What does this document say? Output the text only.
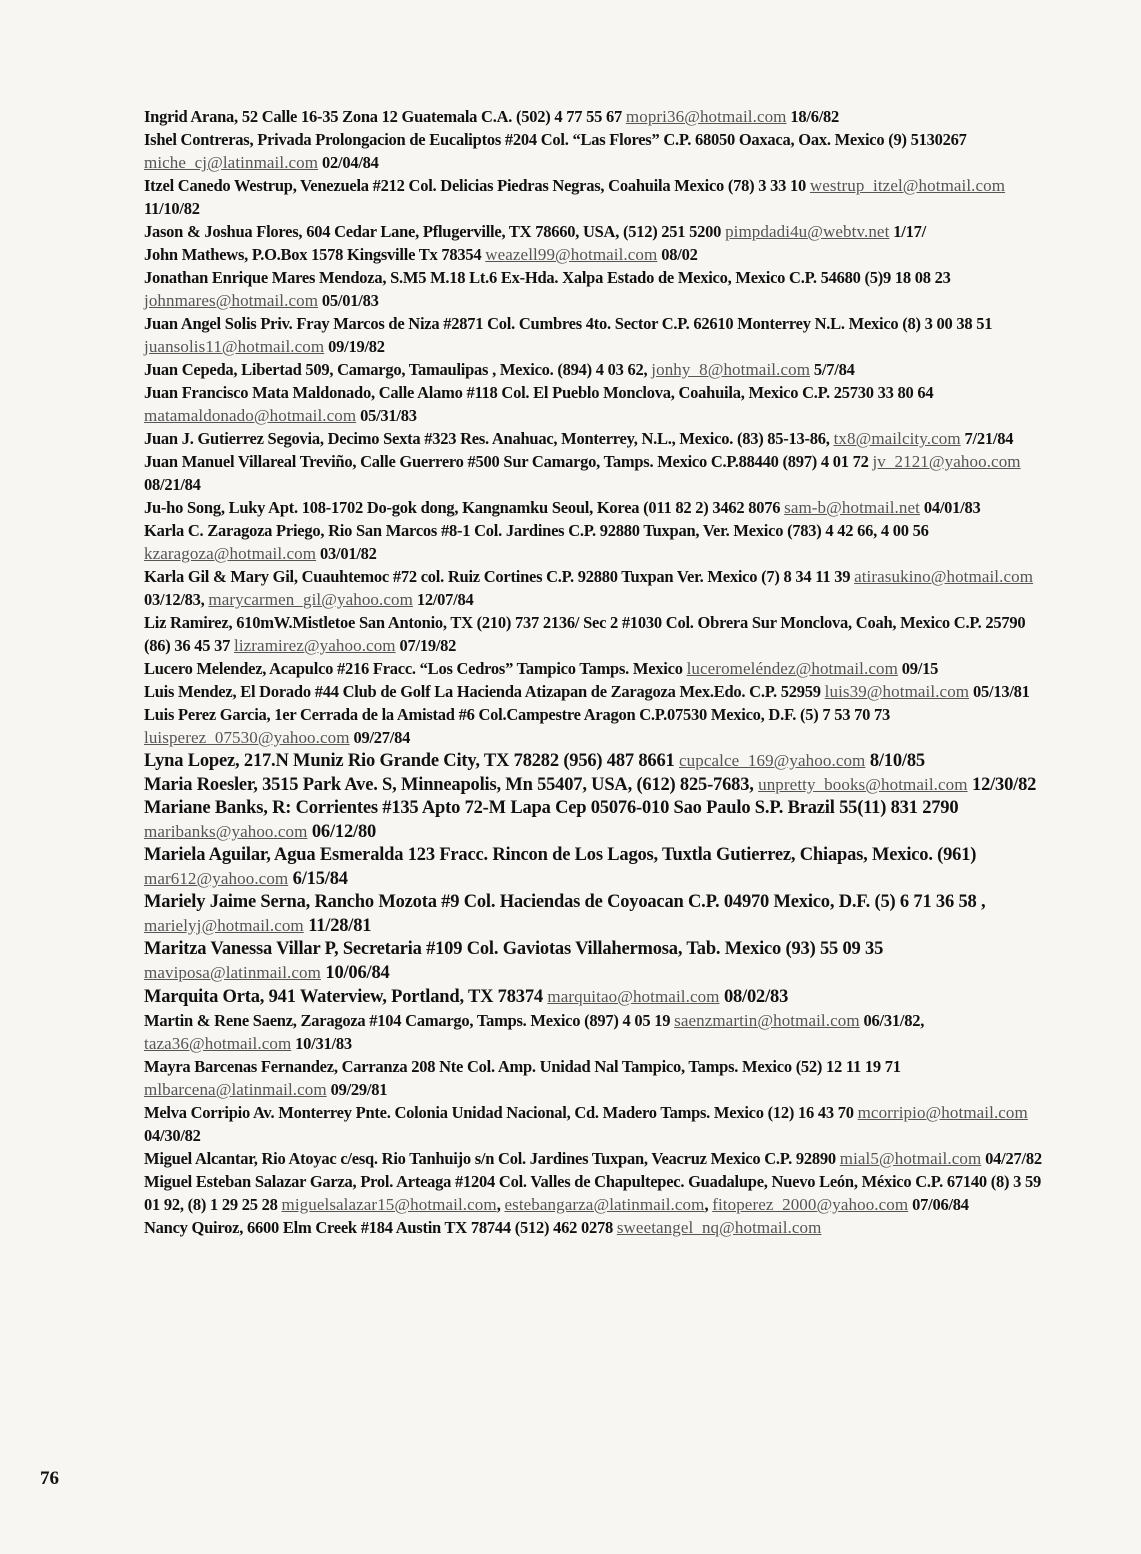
Ingrid Arana, 52 Calle 16-35 Zona 12 Guatemala C.A. (502) 4 77 55 67 mopri36@hotmail.com 18/6/82
Ishel Contreras, Privada Prolongacion de Eucaliptos #204 Col. “Las Flores” C.P. 68050 Oaxaca, Oax. Mexico (9) 5130267 miche_cj@latinmail.com 02/04/84
Itzel Canedo Westrup, Venezuela #212 Col. Delicias Piedras Negras, Coahuila Mexico (78) 3 33 10 westrup_itzel@hotmail.com 11/10/82
Jason & Joshua Flores, 604 Cedar Lane, Pflugerville, TX 78660, USA, (512) 251 5200 pimpdadi4u@webtv.net 1/17/
John Mathews, P.O.Box 1578 Kingsville Tx 78354 weazell99@hotmail.com 08/02
Jonathan Enrique Mares Mendoza, S.M5 M.18 Lt.6 Ex-Hda. Xalpa Estado de Mexico, Mexico C.P. 54680 (5)9 18 08 23 johnmares@hotmail.com 05/01/83
Juan Angel Solis Priv. Fray Marcos de Niza #2871 Col. Cumbres 4to. Sector C.P. 62610 Monterrey N.L. Mexico (8) 3 00 38 51 juansolis11@hotmail.com 09/19/82
Juan Cepeda, Libertad 509, Camargo, Tamaulipas , Mexico. (894) 4 03 62, jonhy_8@hotmail.com 5/7/84
Juan Francisco Mata Maldonado, Calle Alamo #118 Col. El Pueblo Monclova, Coahuila, Mexico C.P. 25730 33 80 64 matamaldonado@hotmail.com 05/31/83
Juan J. Gutierrez Segovia, Decimo Sexta #323 Res. Anahuac, Monterrey, N.L., Mexico. (83) 85-13-86, tx8@mailcity.com 7/21/84
Juan Manuel Villareal Treviño, Calle Guerrero #500 Sur Camargo, Tamps. Mexico C.P.88440 (897) 4 01 72 jv_2121@yahoo.com 08/21/84
Ju-ho Song, Luky Apt. 108-1702 Do-gok dong, Kangnamku Seoul, Korea (011 82 2) 3462 8076 sam-b@hotmail.net 04/01/83
Karla C. Zaragoza Priego, Rio San Marcos #8-1 Col. Jardines C.P. 92880 Tuxpan, Ver. Mexico (783) 4 42 66, 4 00 56 kzaragoza@hotmail.com 03/01/82
Karla Gil & Mary Gil, Cuauhtemoc #72 col. Ruiz Cortines C.P. 92880 Tuxpan Ver. Mexico (7) 8 34 11 39 atirasukino@hotmail.com 03/12/83, marycarmen_gil@yahoo.com 12/07/84
Liz Ramirez, 610mW.Mistletoe San Antonio, TX (210) 737 2136/ Sec 2 #1030 Col. Obrera Sur Monclova, Coah, Mexico C.P. 25790 (86) 36 45 37 lizramirez@yahoo.com 07/19/82
Lucero Melendez, Acapulco #216 Fracc. “Los Cedros” Tampico Tamps. Mexico luceromeléndez@hotmail.com 09/15
Luis Mendez, El Dorado #44 Club de Golf La Hacienda Atizapan de Zaragoza Mex.Edo. C.P. 52959 luis39@hotmail.com 05/13/81
Luis Perez Garcia, 1er Cerrada de la Amistad #6 Col.Campestre Aragon C.P.07530 Mexico, D.F. (5) 7 53 70 73 luisperez_07530@yahoo.com 09/27/84
Lyna Lopez, 217.N Muniz Rio Grande City, TX 78282 (956) 487 8661 cupcalce_169@yahoo.com 8/10/85
Maria Roesler, 3515 Park Ave. S, Minneapolis, Mn 55407, USA, (612) 825-7683, unpretty_books@hotmail.com 12/30/82
Mariane Banks, R: Corrientes #135 Apto 72-M Lapa Cep 05076-010 Sao Paulo S.P. Brazil 55(11) 831 2790 maribanks@yahoo.com 06/12/80
Mariela Aguilar, Agua Esmeralda 123 Fracc. Rincon de Los Lagos, Tuxtla Gutierrez, Chiapas, Mexico. (961) mar612@yahoo.com 6/15/84
Mariely Jaime Serna, Rancho Mozota #9 Col. Haciendas de Coyoacan C.P. 04970 Mexico, D.F. (5) 6 71 36 58 , marielyj@hotmail.com 11/28/81
Maritza Vanessa Villar P, Secretaria #109 Col. Gaviotas Villahermosa, Tab. Mexico (93) 55 09 35 maviposa@latinmail.com 10/06/84
Marquita Orta, 941 Waterview, Portland, TX 78374 marquitao@hotmail.com 08/02/83
Martin & Rene Saenz, Zaragoza #104 Camargo, Tamps. Mexico (897) 4 05 19 saenzmartin@hotmail.com 06/31/82, taza36@hotmail.com 10/31/83
Mayra Barcenas Fernandez, Carranza 208 Nte Col. Amp. Unidad Nal Tampico, Tamps. Mexico (52) 12 11 19 71 mlbarcena@latinmail.com 09/29/81
Melva Corripio Av. Monterrey Pnte. Colonia Unidad Nacional, Cd. Madero Tamps. Mexico (12) 16 43 70 mcorripio@hotmail.com 04/30/82
Miguel Alcantar, Rio Atoyac c/esq. Rio Tanhuijo s/n Col. Jardines Tuxpan, Veacruz Mexico C.P. 92890 mial5@hotmail.com 04/27/82
Miguel Esteban Salazar Garza, Prol. Arteaga #1204 Col. Valles de Chapultepec. Guadalupe, Nuevo León, México C.P. 67140 (8) 3 59 01 92, (8) 1 29 25 28 miguelsalazar15@hotmail.com, estebangarza@latinmail.com, fitoperez_2000@yahoo.com 07/06/84
Nancy Quiroz, 6600 Elm Creek #184 Austin TX 78744 (512) 462 0278 sweetangel_nq@hotmail.com
76
